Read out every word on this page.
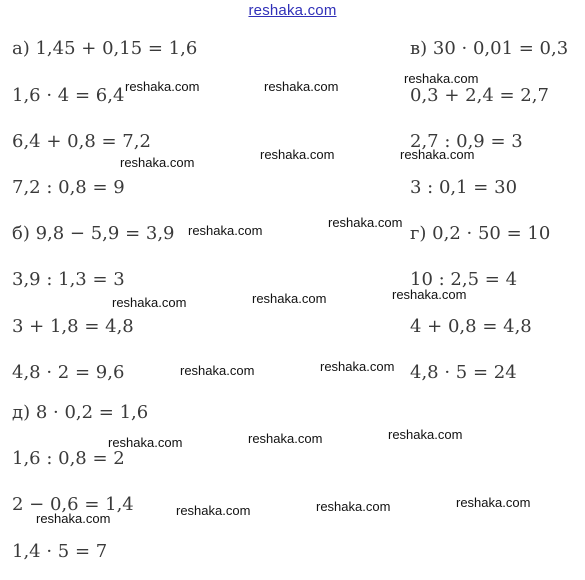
reshaka.com
а) 1,45 + 0,15 = 1,6
1,6 · 4 = 6,4
6,4 + 0,8 = 7,2
7,2 : 0,8 = 9
б) 9,8 − 5,9 = 3,9
3,9 : 1,3 = 3
3 + 1,8 = 4,8
4,8 · 2 = 9,6
д) 8 · 0,2 = 1,6
1,6 : 0,8 = 2
2 − 0,6 = 1,4
1,4 · 5 = 7
в) 30 · 0,01 = 0,3
0,3 + 2,4 = 2,7
2,7 : 0,9 = 3
3 : 0,1 = 30
г) 0,2 · 50 = 10
10 : 2,5 = 4
4 + 0,8 = 4,8
4,8 · 5 = 24
reshaka.com	reshaka.com
reshaka.com
reshaka.com
reshaka.com	reshaka.com
reshaka.com
reshaka.com
reshaka.com	reshaka.com	reshaka.com
reshaka.com	reshaka.com
reshaka.com	reshaka.com	reshaka.com
reshaka.com
reshaka.com	reshaka.com	reshaka.com
